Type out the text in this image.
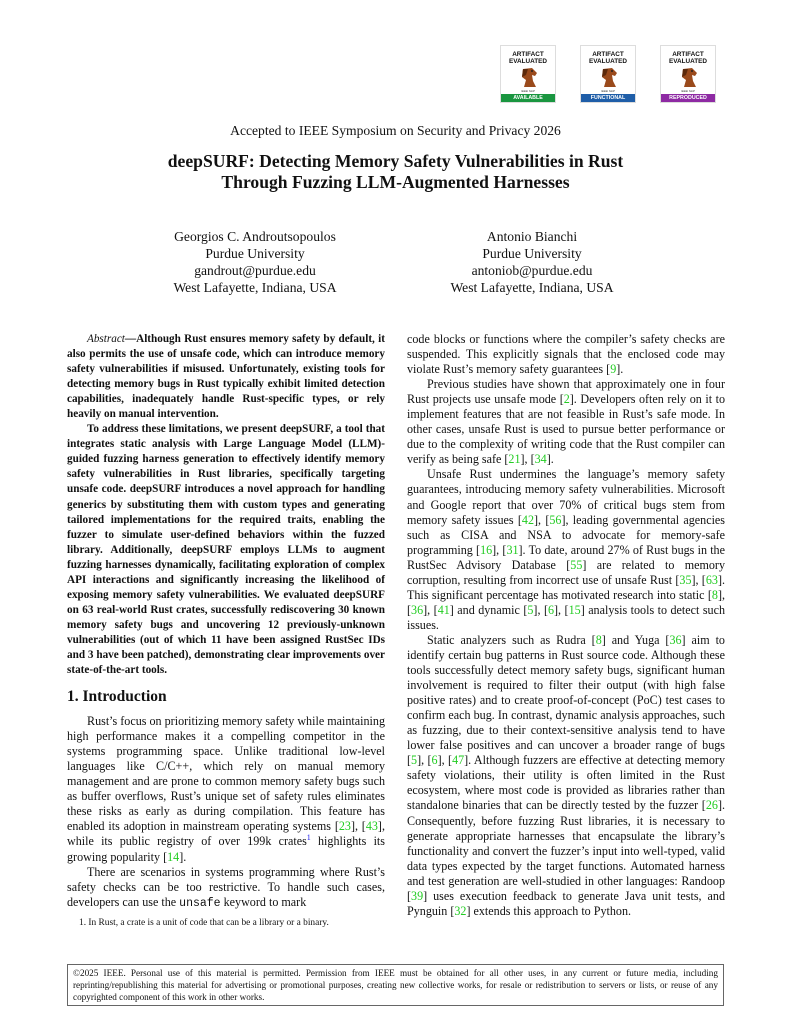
ARTIFACT EVALUATED
IEEE S&P
AVAILABLE
ARTIFACT EVALUATED
IEEE S&P
FUNCTIONAL
ARTIFACT EVALUATED
IEEE S&P
REPRODUCED
Accepted to IEEE Symposium on Security and Privacy 2026
deepSURF: Detecting Memory Safety Vulnerabilities in Rust
Through Fuzzing LLM-Augmented Harnesses
Georgios C. Androutsopoulos
Purdue University
gandrout@purdue.edu
West Lafayette, Indiana, USA
Antonio Bianchi
Purdue University
antoniob@purdue.edu
West Lafayette, Indiana, USA

Abstract—Although Rust ensures memory safety by default, it also permits the use of unsafe code, which can introduce memory safety vulnerabilities if misused. Unfortunately, existing tools for detecting memory bugs in Rust typically exhibit limited detection capabilities, inadequately handle Rust-specific types, or rely heavily on manual intervention.

To address these limitations, we present deepSURF, a tool that integrates static analysis with Large Language Model (LLM)-guided fuzzing harness generation to effectively identify memory safety vulnerabilities in Rust libraries, specifically targeting unsafe code. deepSURF introduces a novel approach for handling generics by substituting them with custom types and generating tailored implementations for the required traits, enabling the fuzzer to simulate user-defined behaviors within the fuzzed library. Additionally, deepSURF employs LLMs to augment fuzzing harnesses dynamically, facilitating exploration of complex API interactions and significantly increasing the likelihood of exposing memory safety vulnerabilities. We evaluated deepSURF on 63 real-world Rust crates, successfully rediscovering 30 known memory safety bugs and uncovering 12 previously-unknown vulnerabilities (out of which 11 have been assigned RustSec IDs and 3 have been patched), demonstrating clear improvements over state-of-the-art tools.

1. Introduction

Rust’s focus on prioritizing memory safety while maintaining high performance makes it a compelling competitor in the systems programming space. Unlike traditional low-level languages like C/C++, which rely on manual memory management and are prone to common memory safety bugs such as buffer overflows, Rust’s unique set of safety rules eliminates these risks as early as during compilation. This feature has enabled its adoption in mainstream operating systems [23], [43], while its public registry of over 199k crates$^1$ highlights its growing popularity [14].

There are scenarios in systems programming where Rust’s safety checks can be too restrictive. To handle such cases, developers can use the unsafe keyword to mark

1. In Rust, a crate is a unit of code that can be a library or a binary.

code blocks or functions where the compiler’s safety checks are suspended. This explicitly signals that the enclosed code may violate Rust’s memory safety guarantees [9].

Previous studies have shown that approximately one in four Rust projects use unsafe mode [2]. Developers often rely on it to implement features that are not feasible in Rust’s safe mode. In other cases, unsafe Rust is used to pursue better performance or due to the complexity of writing code that the Rust compiler can verify as being safe [21], [34].

Unsafe Rust undermines the language’s memory safety guarantees, introducing memory safety vulnerabilities. Microsoft and Google report that over 70% of critical bugs stem from memory safety issues [42], [56], leading governmental agencies such as CISA and NSA to advocate for memory-safe programming [16], [31]. To date, around 27% of Rust bugs in the RustSec Advisory Database [55] are related to memory corruption, resulting from incorrect use of unsafe Rust [35], [63]. This significant percentage has motivated research into static [8], [36], [41] and dynamic [5], [6], [15] analysis tools to detect such issues.

Static analyzers such as Rudra [8] and Yuga [36] aim to identify certain bug patterns in Rust source code. Although these tools successfully detect memory safety bugs, significant human involvement is required to filter their output (with high false positive rates) and to create proof-of-concept (PoC) test cases to confirm each bug. In contrast, dynamic analysis approaches, such as fuzzing, due to their context-sensitive analysis tend to have lower false positives and can uncover a broader range of bugs [5], [6], [47]. Although fuzzers are effective at detecting memory safety violations, their utility is often limited in the Rust ecosystem, where most code is provided as libraries rather than standalone binaries that can be directly tested by the fuzzer [26]. Consequently, before fuzzing Rust libraries, it is necessary to generate appropriate harnesses that encapsulate the library’s functionality and convert the fuzzer’s input into well-typed, valid data types expected by the target functions. Automated harness and test generation are well-studied in other languages: Randoop [39] uses execution feedback to generate Java unit tests, and Pynguin [32] extends this approach to Python.

©2025 IEEE. Personal use of this material is permitted. Permission from IEEE must be obtained for all other uses, in any current or future media, including reprinting/republishing this material for advertising or promotional purposes, creating new collective works, for resale or redistribution to servers or lists, or reuse of any copyrighted component of this work in other works.
